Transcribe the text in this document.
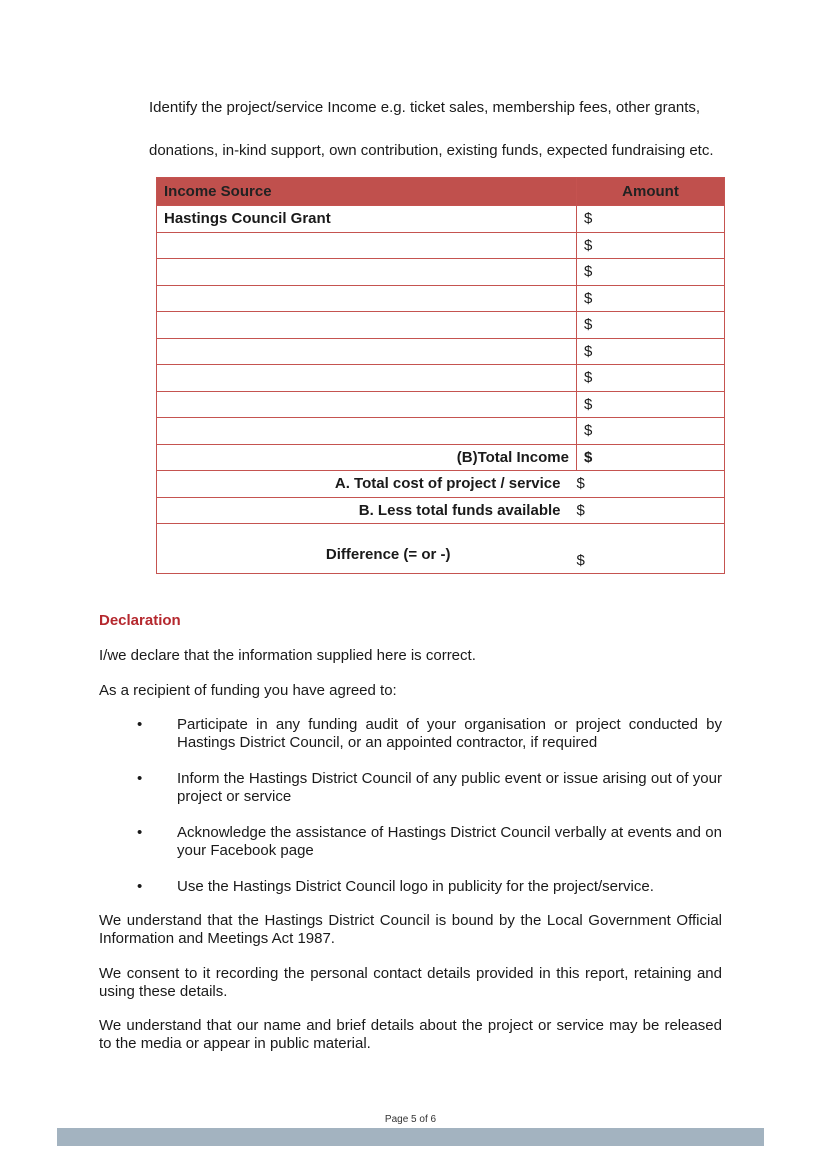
Identify the project/service Income e.g. ticket sales, membership fees, other grants,

donations, in-kind support, own contribution, existing funds, expected fundraising etc.

Income Source	Amount
Hastings Council Grant	$
	$
	$
	$
	$
	$
	$
	$
	$
(B)Total Income	$
A. Total cost of project / service	$
B. Less total funds available	$
Difference (= or -)	$
Declaration

I/we declare that the information supplied here is correct.

As a recipient of funding you have agreed to:

• Participate in any funding audit of your organisation or project conducted by Hastings District Council, or an appointed contractor, if required
• Inform the Hastings District Council of any public event or issue arising out of your project or service
• Acknowledge the assistance of Hastings District Council verbally at events and on your Facebook page
• Use the Hastings District Council logo in publicity for the project/service.

We understand that the Hastings District Council is bound by the Local Government Official Information and Meetings Act 1987.

We consent to it recording the personal contact details provided in this report, retaining and using these details.

We understand that our name and brief details about the project or service may be released to the media or appear in public material.

Page 5 of 6
